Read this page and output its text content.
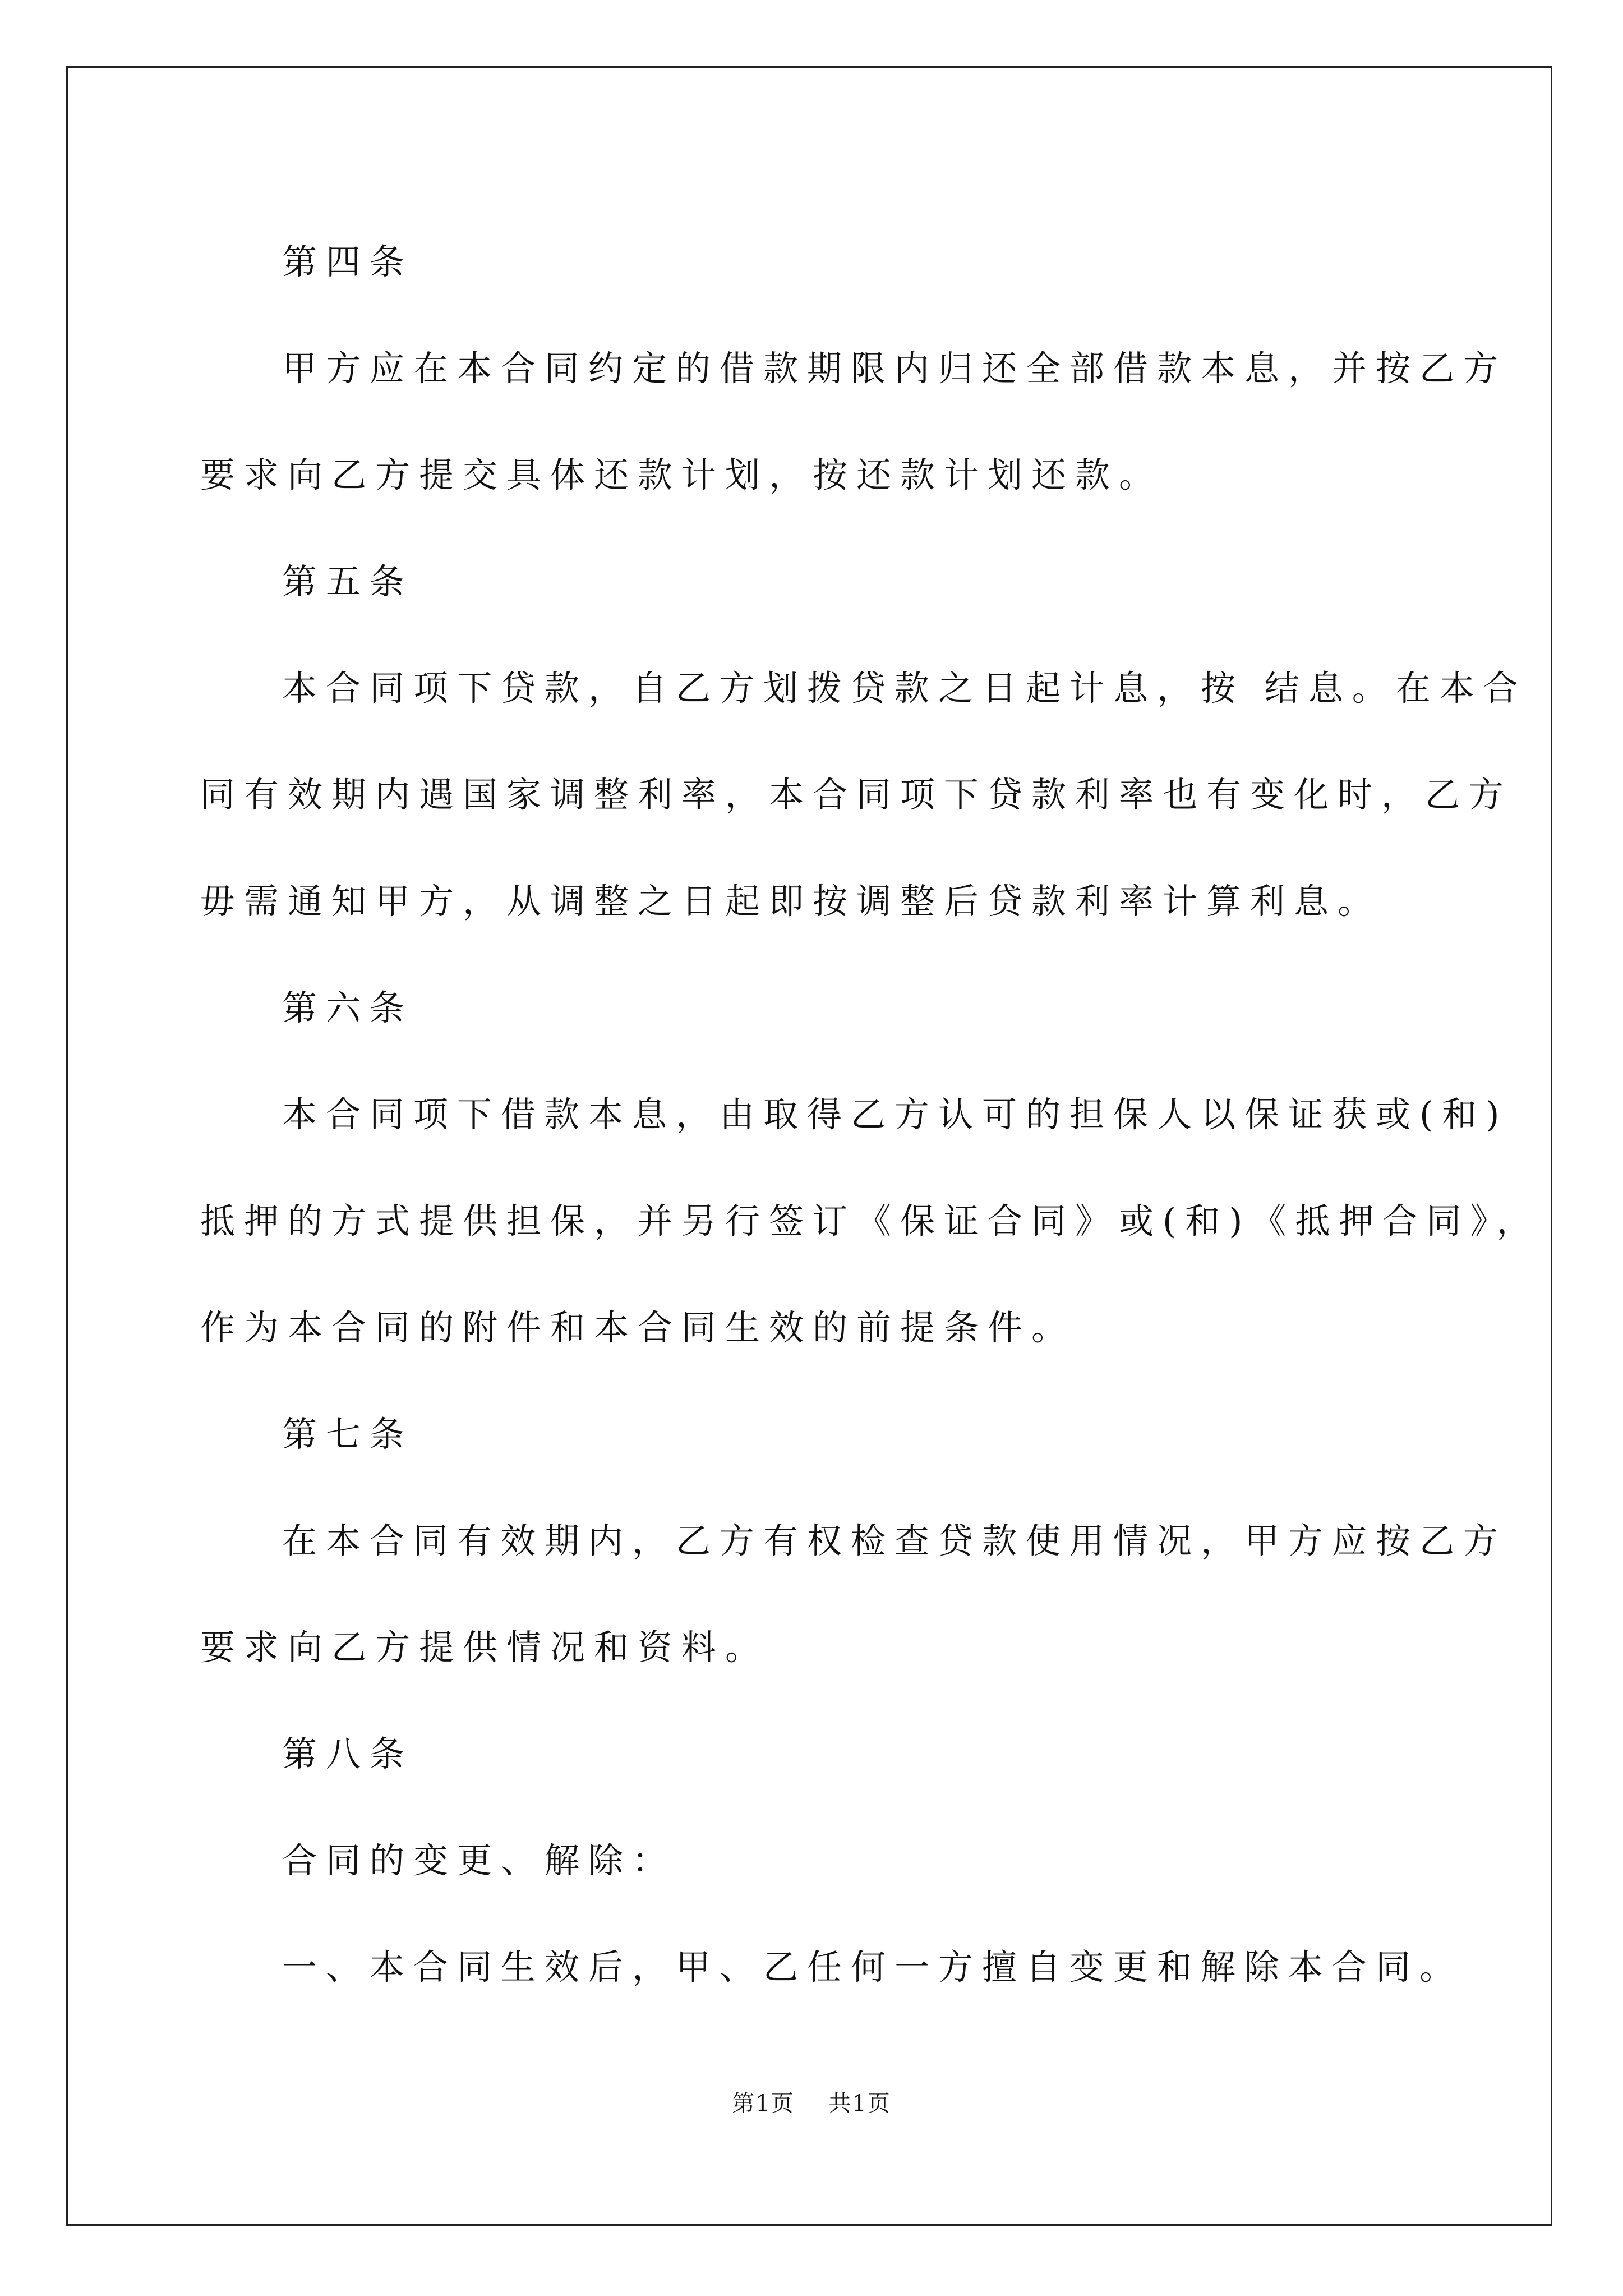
第四条

甲方应在本合同约定的借款期限内归还全部借款本息，并按乙方

要求向乙方提交具体还款计划，按还款计划还款。

第五条

本合同项下贷款，自乙方划拨贷款之日起计息，按 结息。在本合

同有效期内遇国家调整利率，本合同项下贷款利率也有变化时，乙方

毋需通知甲方，从调整之日起即按调整后贷款利率计算利息。

第六条

本合同项下借款本息，由取得乙方认可的担保人以保证获或(和)

抵押的方式提供担保，并另行签订《保证合同》或(和)《抵押合同》，

作为本合同的附件和本合同生效的前提条件。

第七条

在本合同有效期内，乙方有权检查贷款使用情况，甲方应按乙方

要求向乙方提供情况和资料。

第八条

合同的变更、解除：

一、本合同生效后，甲、乙任何一方擅自变更和解除本合同。

第1页 共1页
